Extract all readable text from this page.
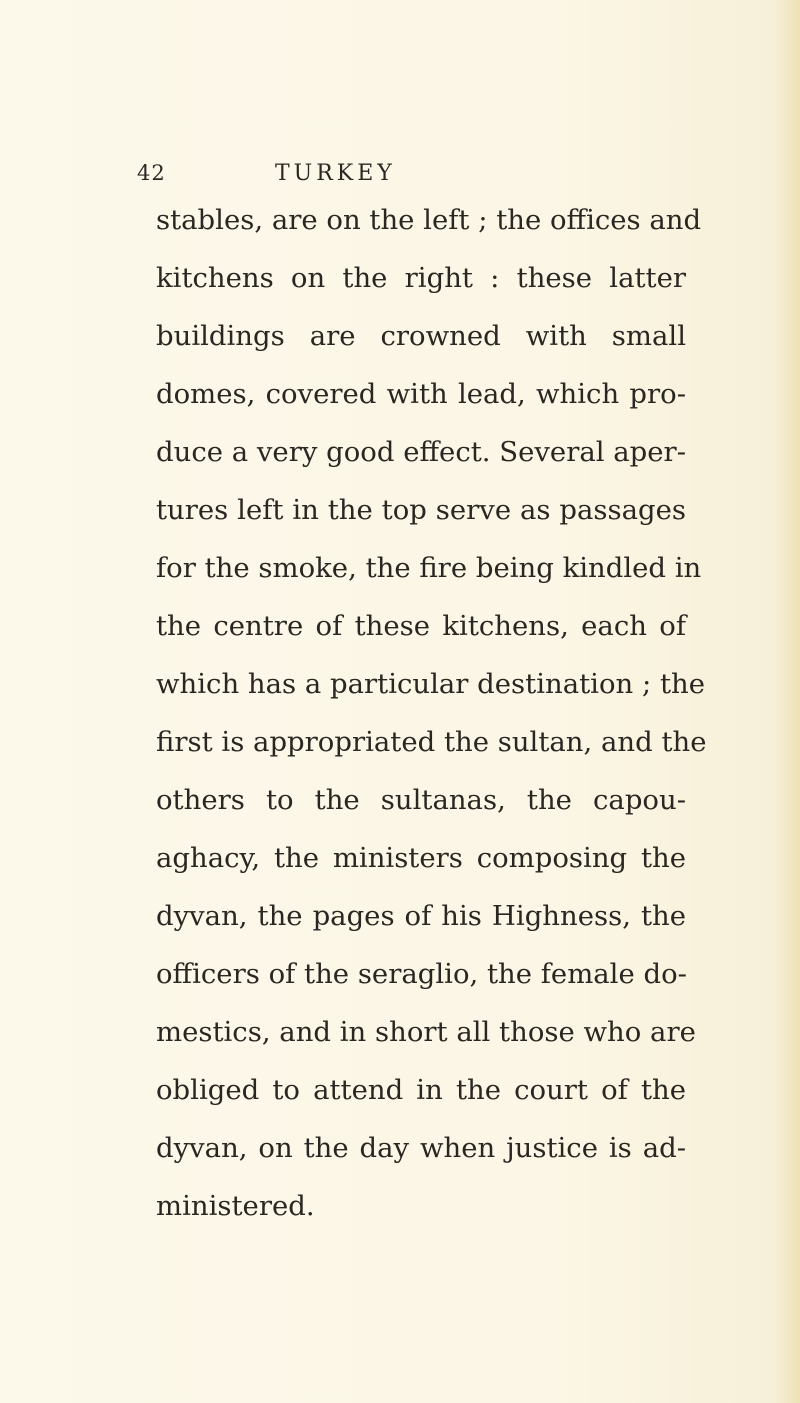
42	TURKEY
stables, are on the left ; the offices and
kitchens on the right : these latter
buildings are crowned with small
domes, covered with lead, which pro-
duce a very good effect. Several aper-
tures left in the top serve as passages
for the smoke, the fire being kindled in
the centre of these kitchens, each of
which has a particular destination ; the
first is appropriated the sultan, and the
others to the sultanas, the capou-
aghacy, the ministers composing the
dyvan, the pages of his Highness, the
officers of the seraglio, the female do-
mestics, and in short all those who are
obliged to attend in the court of the
dyvan, on the day when justice is ad-
ministered.
